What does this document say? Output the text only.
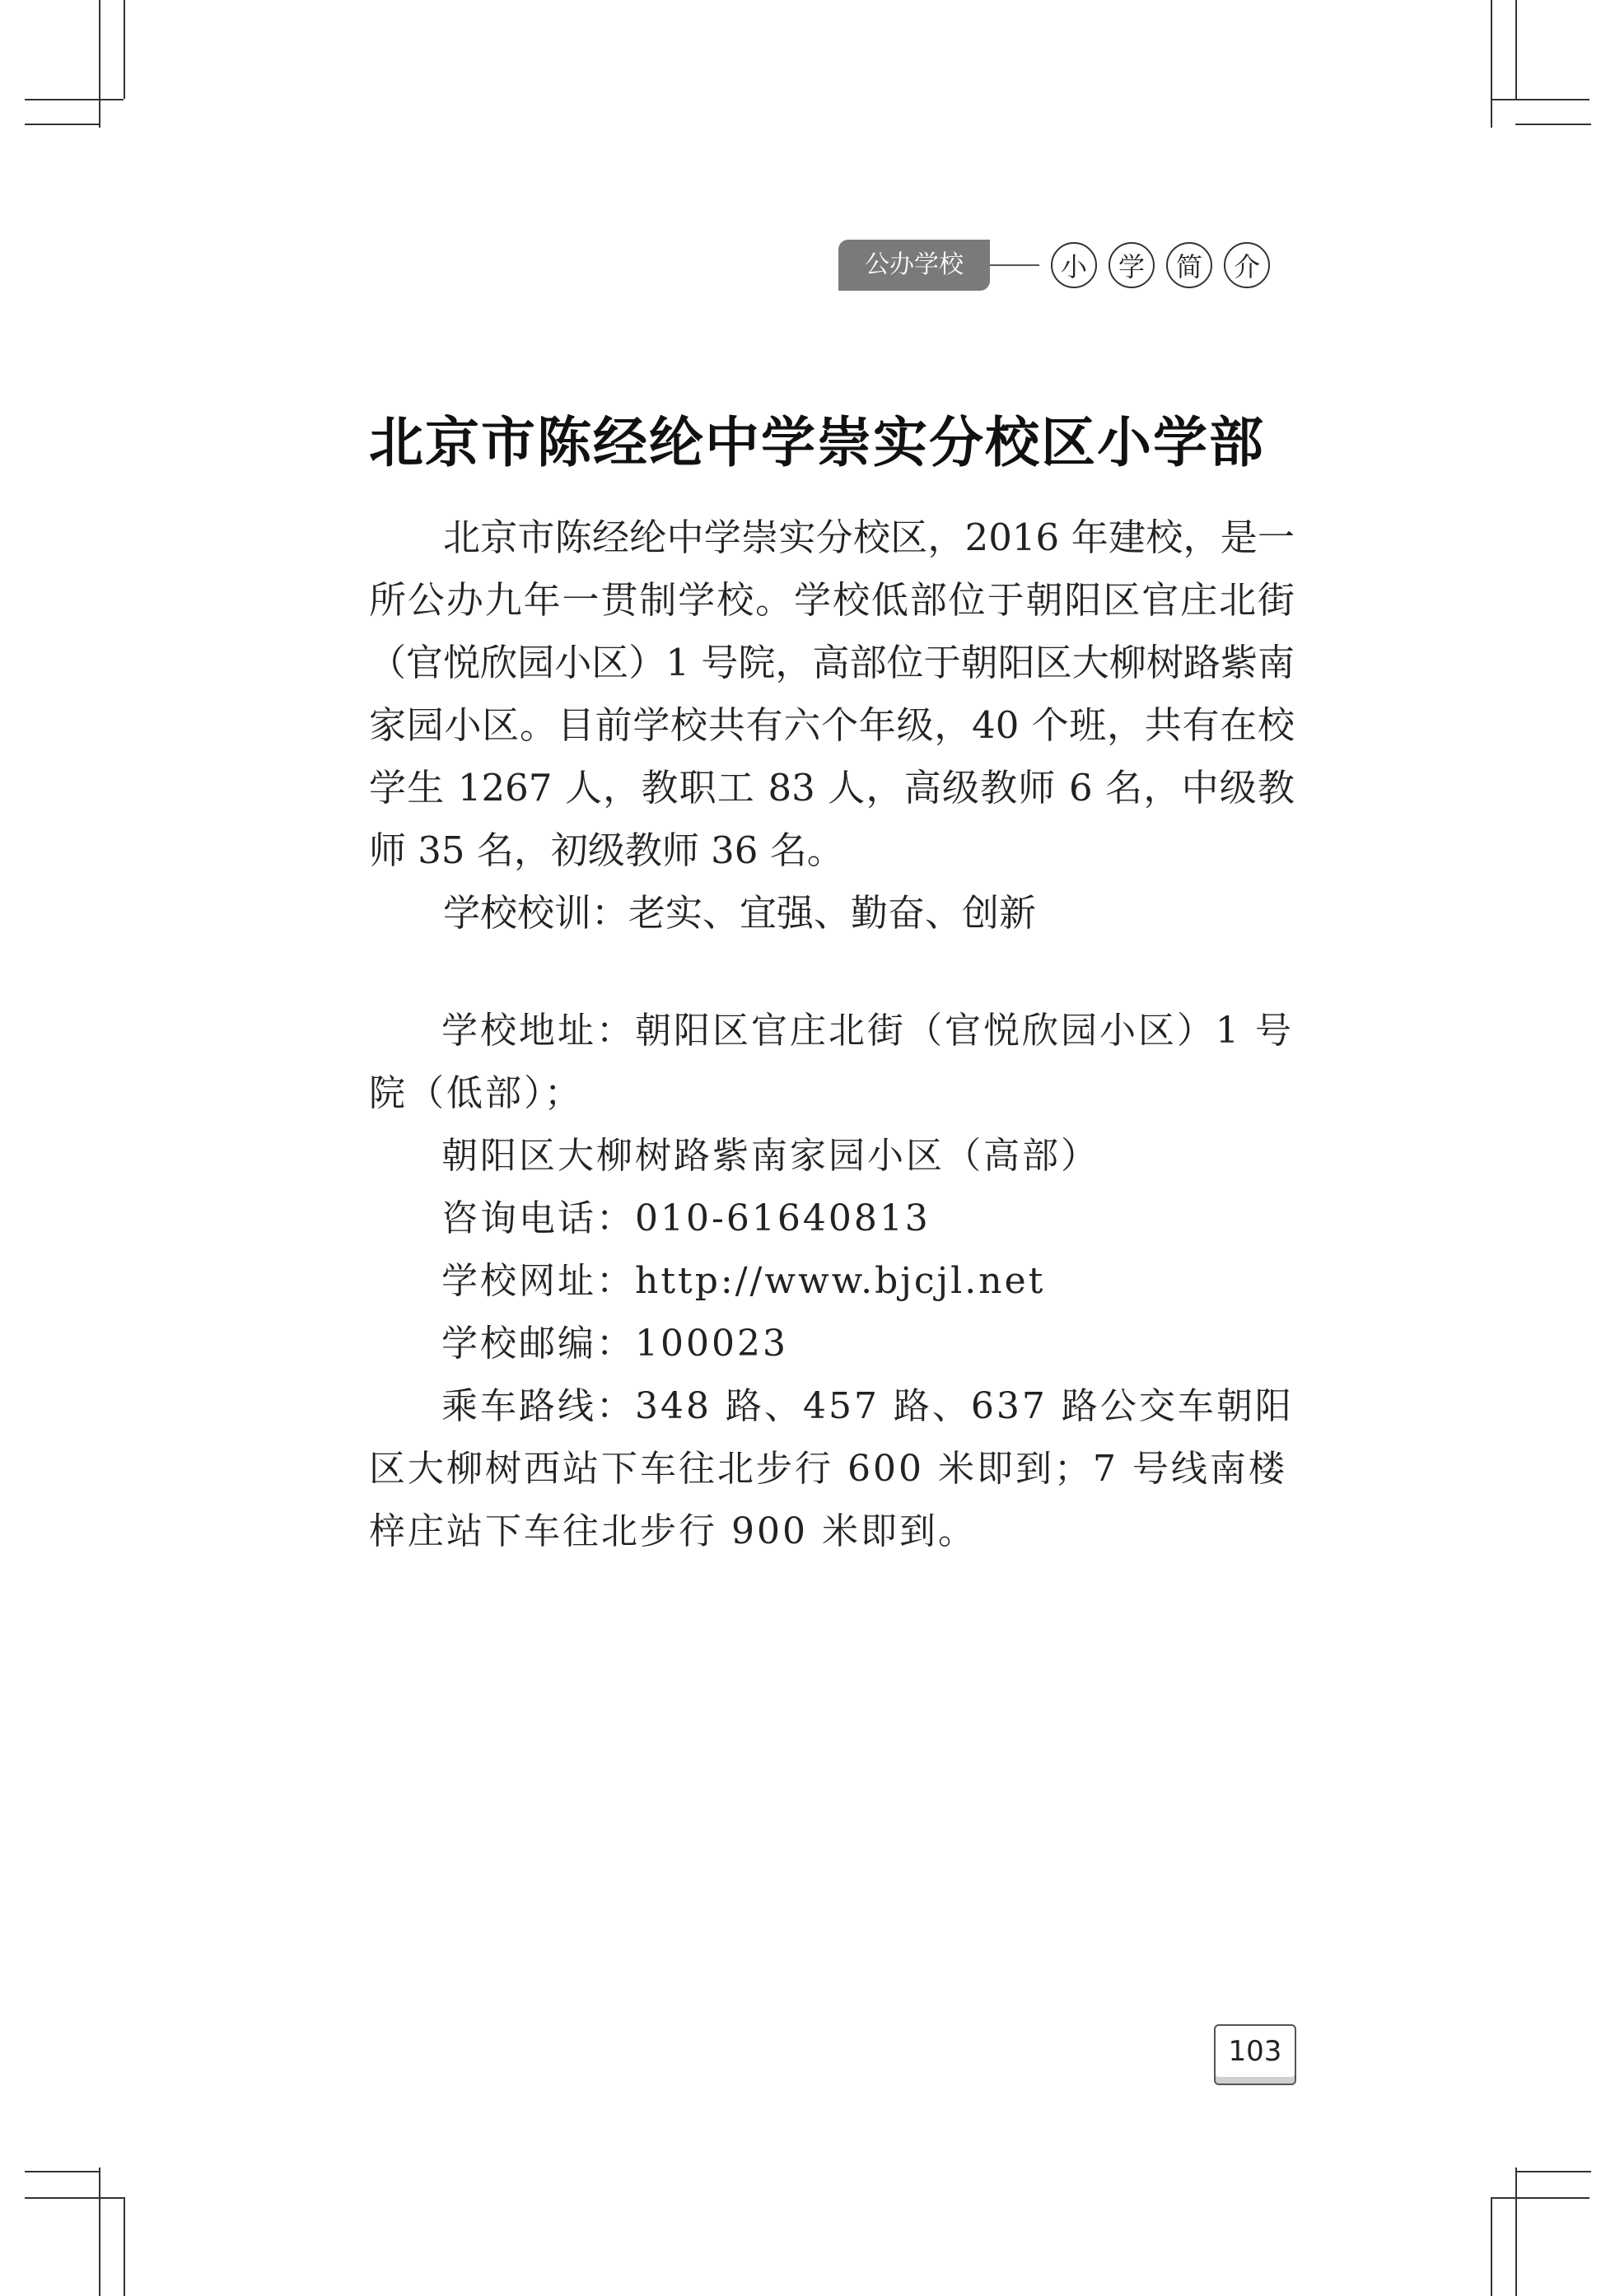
公办学校	小	学	简	介
北京市陈经纶中学崇实分校区小学部

北京市陈经纶中学崇实分校区，2016 年建校，是一所公办九年一贯制学校。学校低部位于朝阳区官庄北街（官悦欣园小区）1 号院，高部位于朝阳区大柳树路紫南家园小区。目前学校共有六个年级，40 个班，共有在校学生 1267 人，教职工 83 人，高级教师 6 名，中级教师 35 名，初级教师 36 名。

学校校训：老实、宜强、勤奋、创新

学校地址：朝阳区官庄北街（官悦欣园小区）1 号院（低部）；

朝阳区大柳树路紫南家园小区（高部）

咨询电话：010-61640813

学校网址：http://www.bjcjl.net

学校邮编：100023

乘车路线：348 路、457 路、637 路公交车朝阳区大柳树西站下车往北步行 600 米即到；7 号线南楼梓庄站下车往北步行 900 米即到。

103
